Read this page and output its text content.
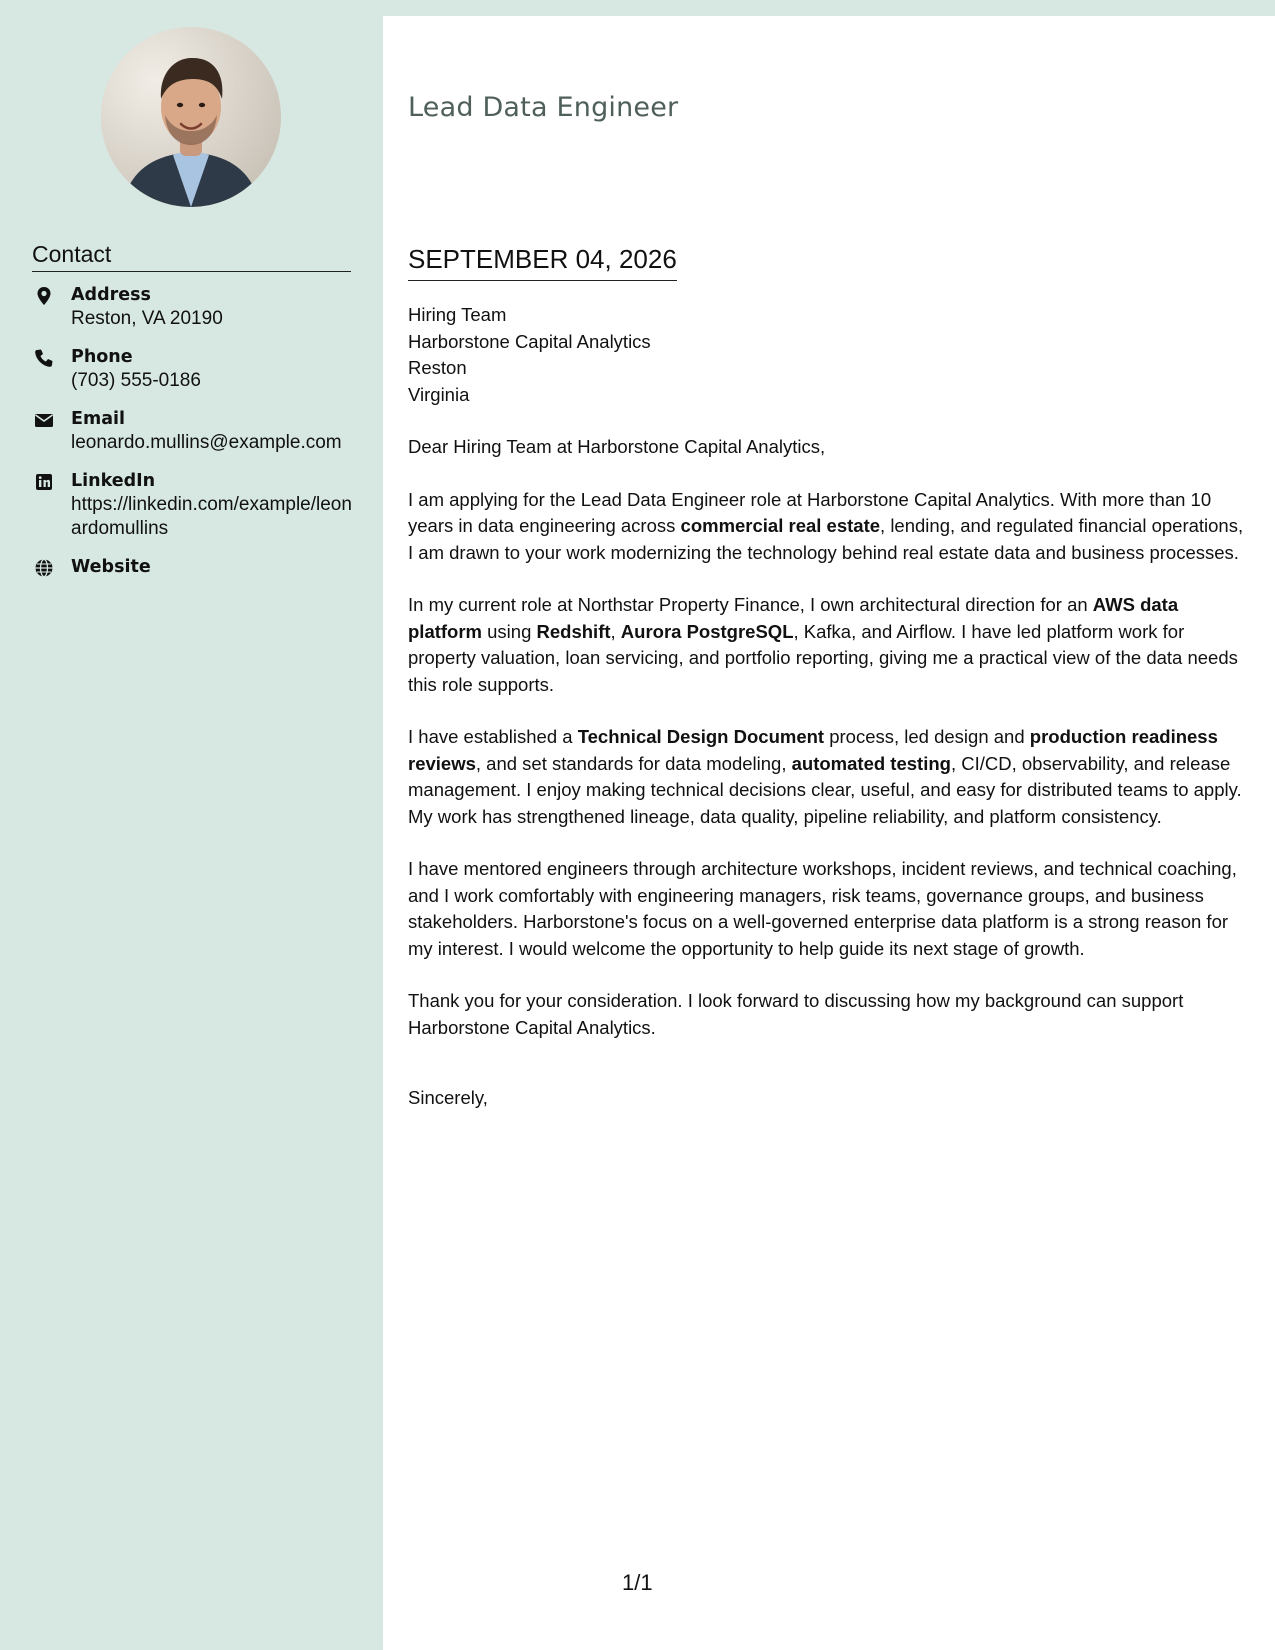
Contact
Address
Reston, VA 20190
Phone
(703) 555-0186
Email
leonardo.mullins@example.com
LinkedIn
https://linkedin.com/example/leonardomullins
Website
Lead Data Engineer
SEPTEMBER 04, 2026
Hiring Team
Harborstone Capital Analytics
Reston
Virginia

Dear Hiring Team at Harborstone Capital Analytics,

I am applying for the Lead Data Engineer role at Harborstone Capital Analytics. With more than 10 years in data engineering across commercial real estate, lending, and regulated financial operations, I am drawn to your work modernizing the technology behind real estate data and business processes.

In my current role at Northstar Property Finance, I own architectural direction for an AWS data platform using Redshift, Aurora PostgreSQL, Kafka, and Airflow. I have led platform work for property valuation, loan servicing, and portfolio reporting, giving me a practical view of the data needs this role supports.

I have established a Technical Design Document process, led design and production readiness reviews, and set standards for data modeling, automated testing, CI/CD, observability, and release management. I enjoy making technical decisions clear, useful, and easy for distributed teams to apply. My work has strengthened lineage, data quality, pipeline reliability, and platform consistency.

I have mentored engineers through architecture workshops, incident reviews, and technical coaching, and I work comfortably with engineering managers, risk teams, governance groups, and business stakeholders. Harborstone's focus on a well-governed enterprise data platform is a strong reason for my interest. I would welcome the opportunity to help guide its next stage of growth.

Thank you for your consideration. I look forward to discussing how my background can support Harborstone Capital Analytics.

Sincerely,

1/1
